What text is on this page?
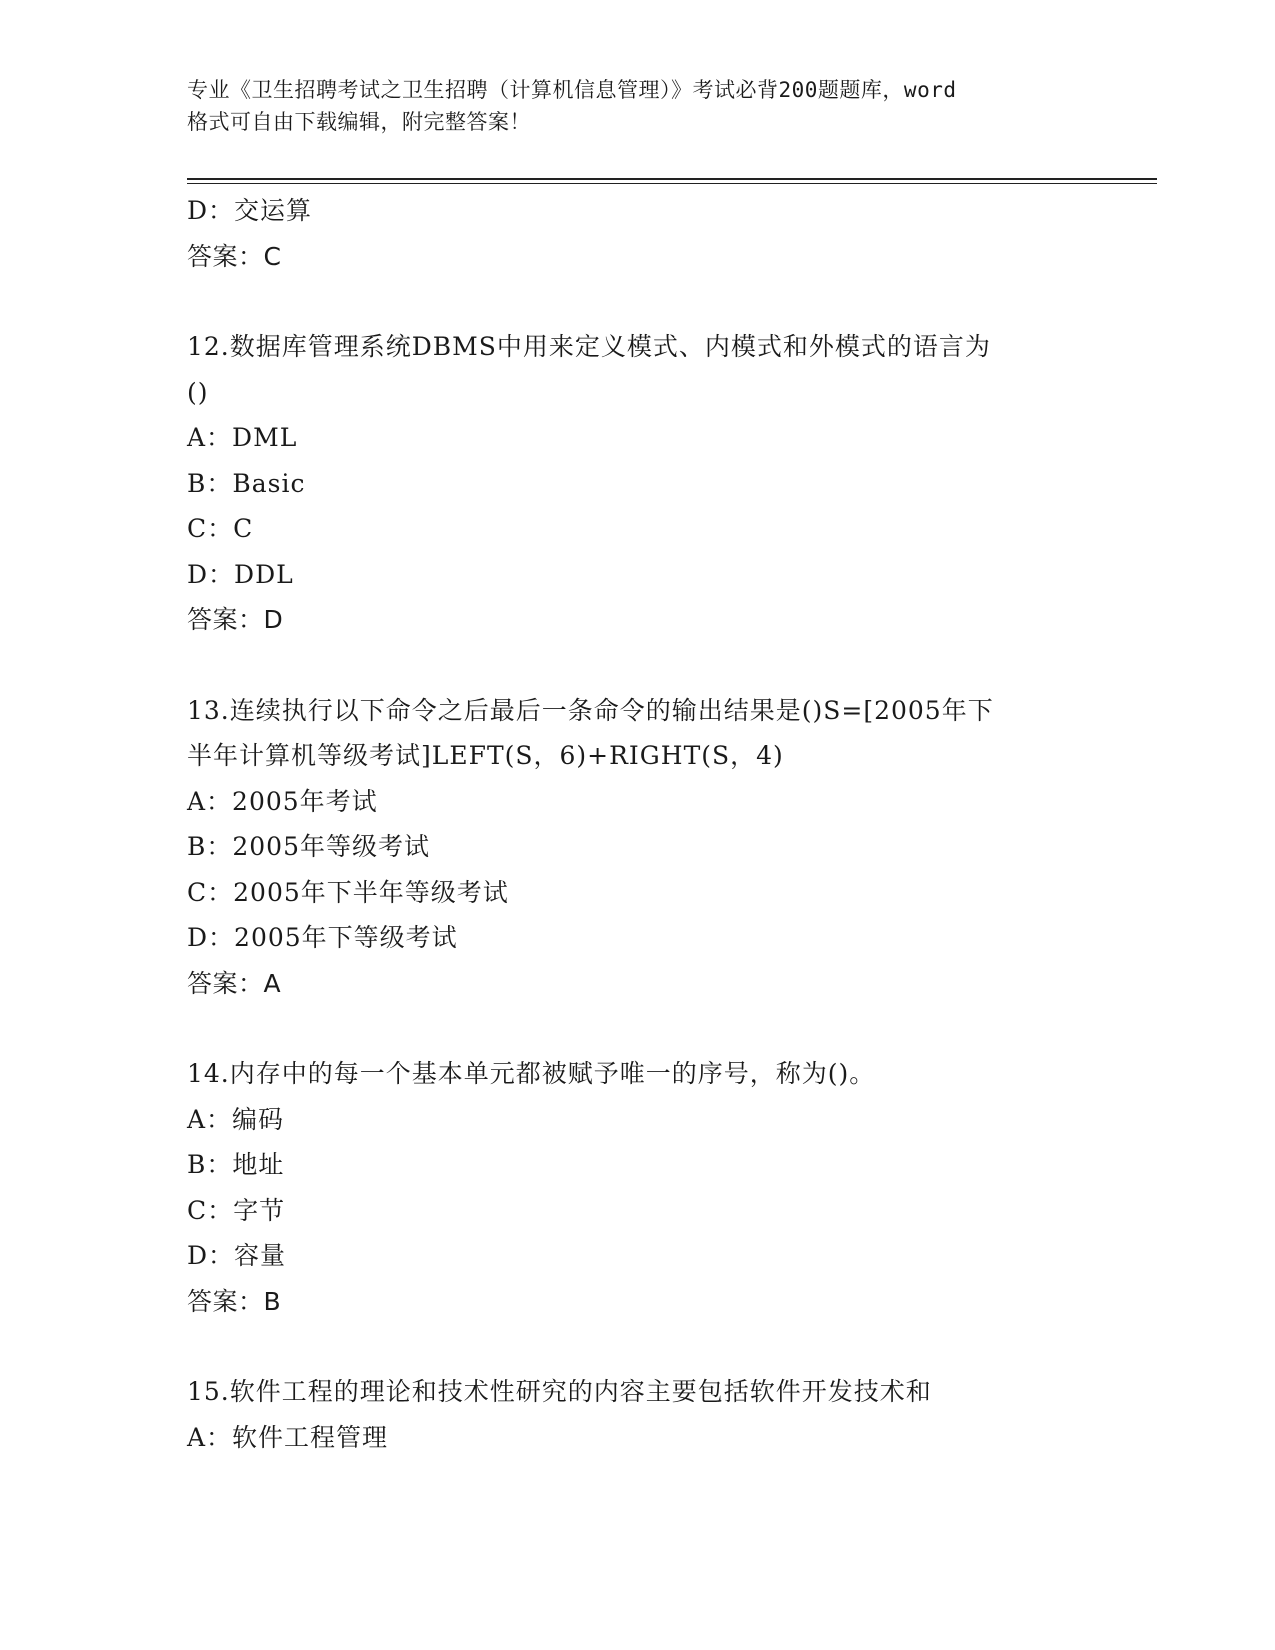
专业《卫生招聘考试之卫生招聘（计算机信息管理）》考试必背200题题库，word
格式可自由下载编辑，附完整答案！
D：交运算
答案：C
12.数据库管理系统DBMS中用来定义模式、内模式和外模式的语言为
()
A：DML
B：Basic
C：C
D：DDL
答案：D
13.连续执行以下命令之后最后一条命令的输出结果是()S=[2005年下
半年计算机等级考试]LEFT(S，6)+RIGHT(S，4)
A：2005年考试
B：2005年等级考试
C：2005年下半年等级考试
D：2005年下等级考试
答案：A
14.内存中的每一个基本单元都被赋予唯一的序号，称为()。
A：编码
B：地址
C：字节
D：容量
答案：B
15.软件工程的理论和技术性研究的内容主要包括软件开发技术和
A：软件工程管理
